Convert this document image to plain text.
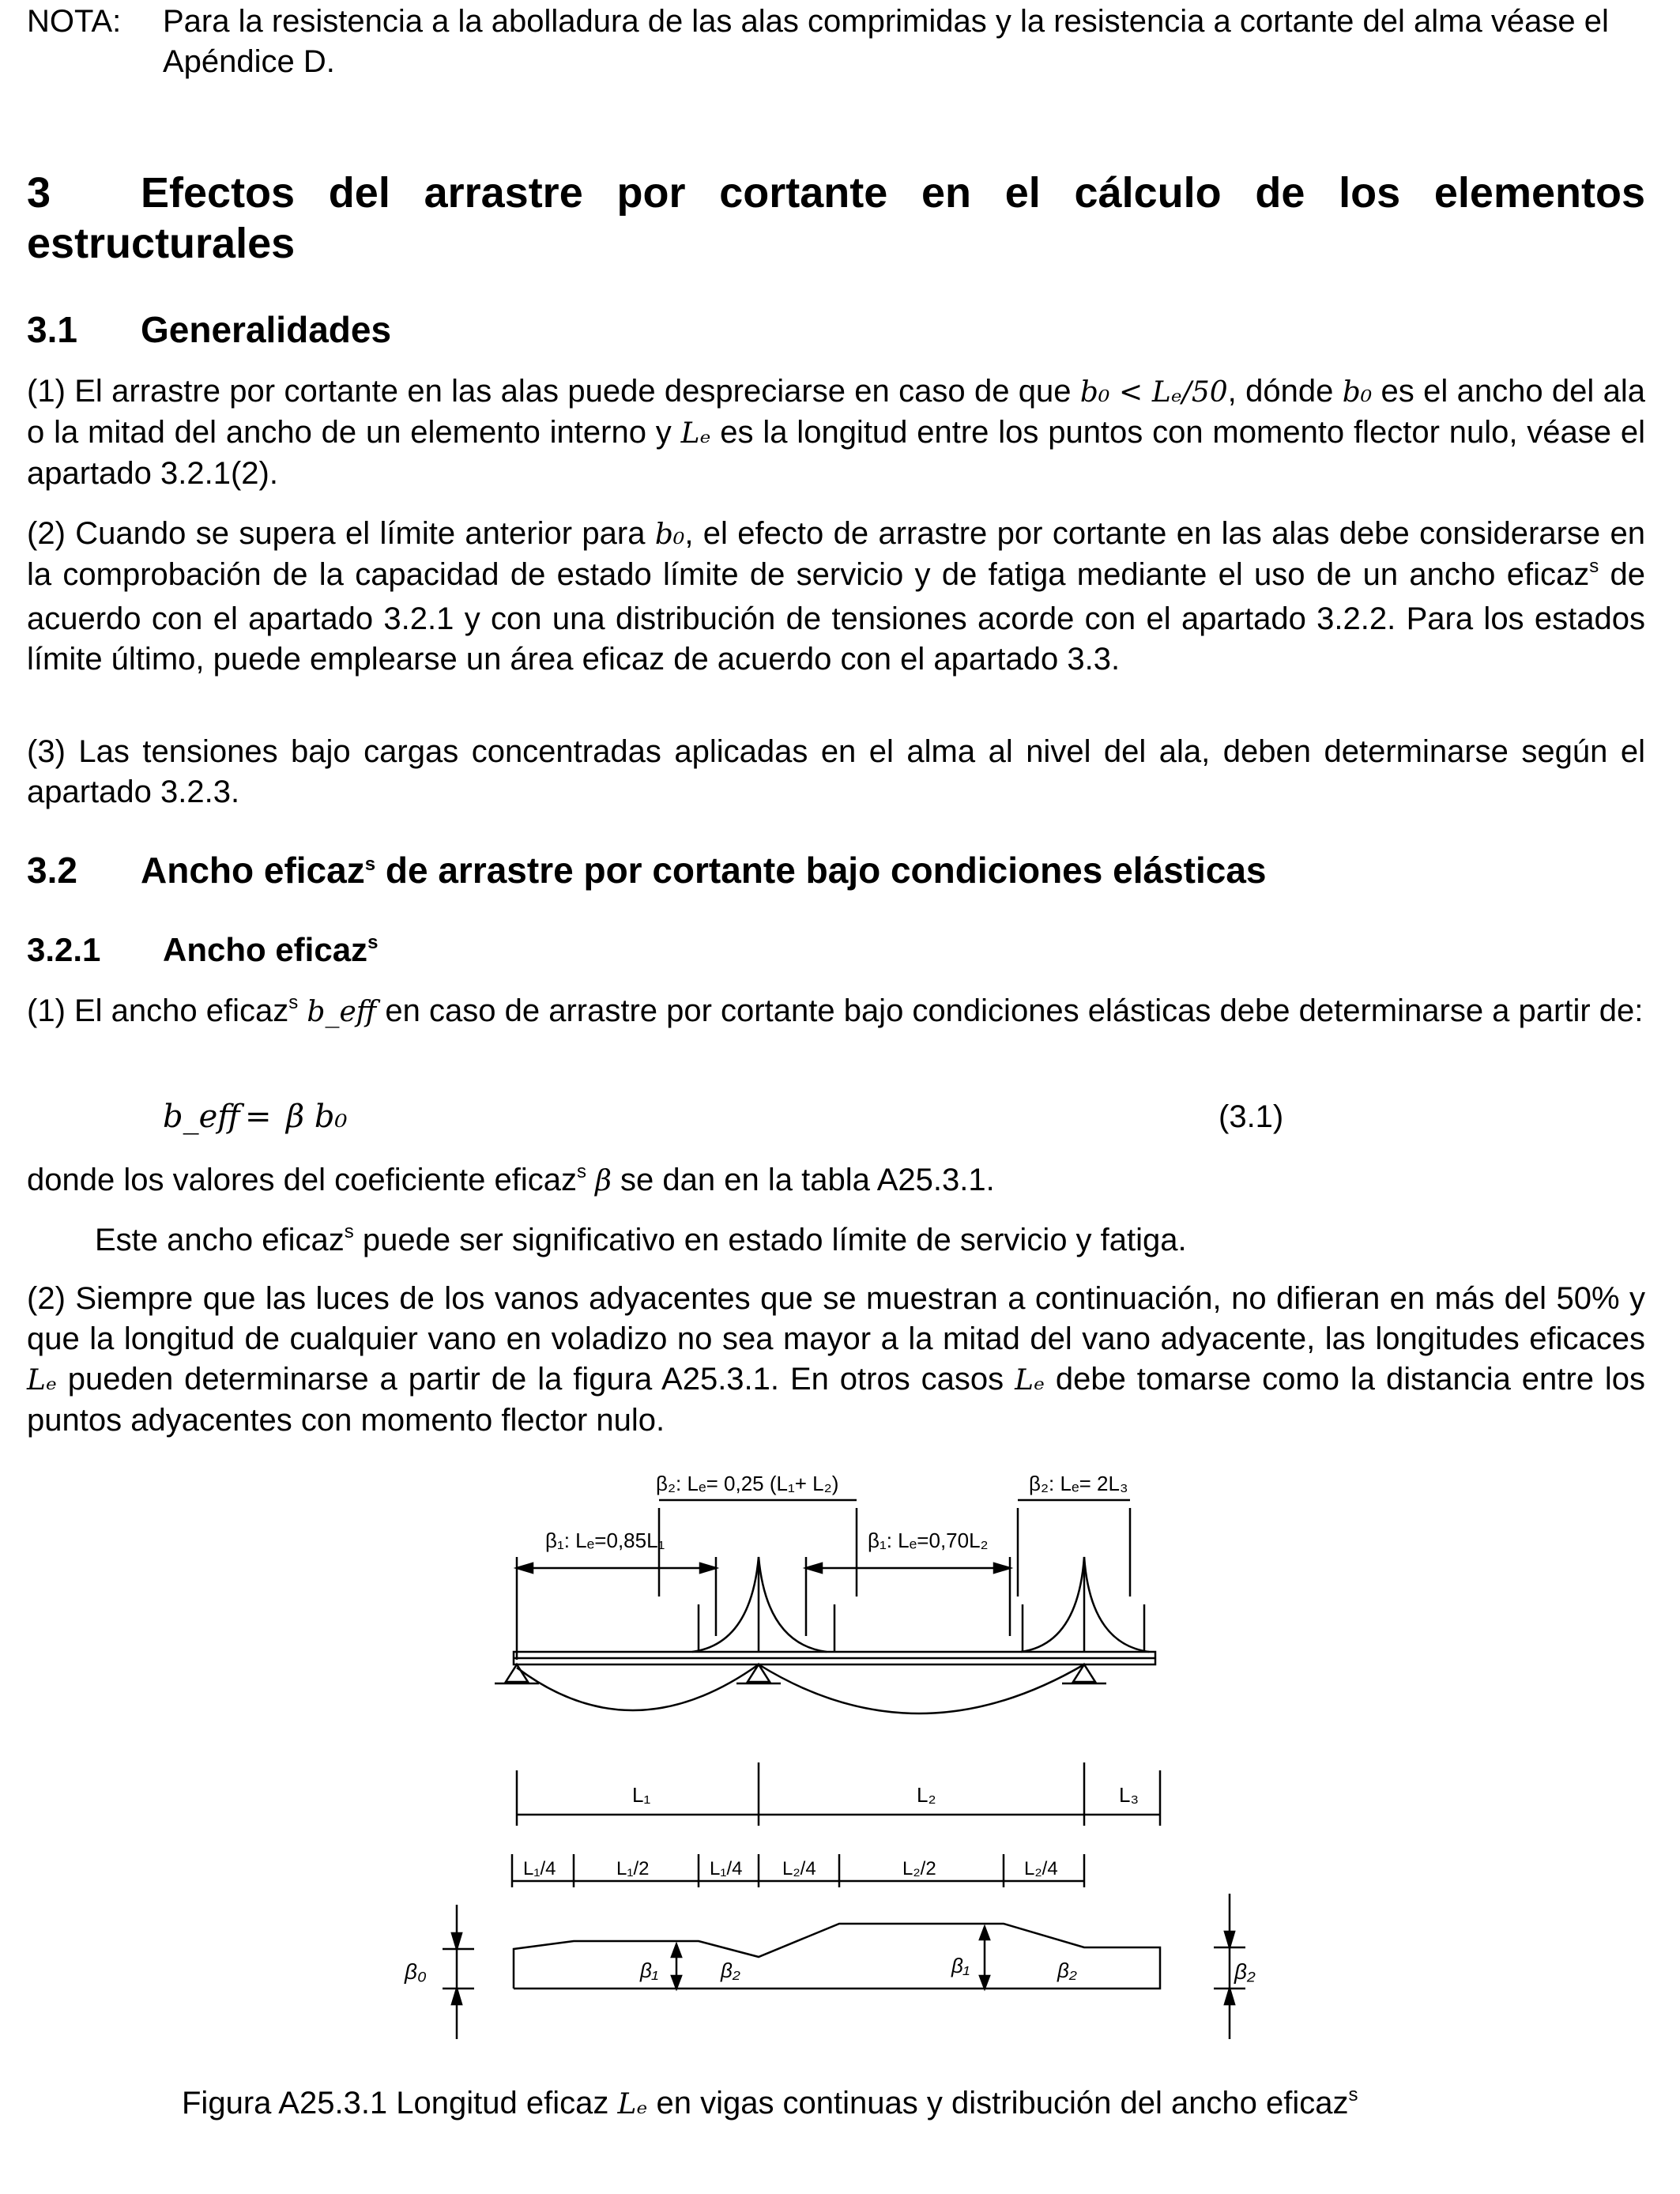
NOTA: Para la resistencia a la abolladura de las alas comprimidas y la resistencia a cortante del alma véase el Apéndice D.
3	Efectos del arrastre por cortante en el cálculo de los elementos estructurales
3.1 Generalidades
(1) El arrastre por cortante en las alas puede despreciarse en caso de que b₀ < Lₑ/50, dónde b₀ es el ancho del ala o la mitad del ancho de un elemento interno y Lₑ es la longitud entre los puntos con momento flector nulo, véase el apartado 3.2.1(2).
(2) Cuando se supera el límite anterior para b₀, el efecto de arrastre por cortante en las alas debe considerarse en la comprobación de la capacidad de estado límite de servicio y de fatiga mediante el uso de un ancho eficaz$^s$ de acuerdo con el apartado 3.2.1 y con una distribución de tensiones acorde con el apartado 3.2.2. Para los estados límite último, puede emplearse un área eficaz de acuerdo con el apartado 3.3.
(3) Las tensiones bajo cargas concentradas aplicadas en el alma al nivel del ala, deben determinarse según el apartado 3.2.3.
3.2 Ancho eficaz$^s$ de arrastre por cortante bajo condiciones elásticas
3.2.1 Ancho eficaz$^s$
(1) El ancho eficaz$^s$ b_eff en caso de arrastre por cortante bajo condiciones elásticas debe determinarse a partir de:
b_eff = β b₀	(3.1)
donde los valores del coeficiente eficaz$^s$ β se dan en la tabla A25.3.1.
Este ancho eficaz$^s$ puede ser significativo en estado límite de servicio y fatiga.
(2) Siempre que las luces de los vanos adyacentes que se muestran a continuación, no difieran en más del 50% y que la longitud de cualquier vano en voladizo no sea mayor a la mitad del vano adyacente, las longitudes eficaces Lₑ pueden determinarse a partir de la figura A25.3.1. En otros casos Lₑ debe tomarse como la distancia entre los puntos adyacentes con momento flector nulo.
β₂: Lₑ= 0,25 (L₁+ L₂)	β₂: Lₑ= 2L₃
β₁: Lₑ=0,85L₁	β₁: Lₑ=0,70L₂
L₁	L₂	L₃
L₁/4	L₁/2	L₁/4 L₂/4	L₂/2	L₂/4
β₀	β₁	β₂	β₁	β₂	β₂
Figura A25.3.1 Longitud eficaz Lₑ en vigas continuas y distribución del ancho eficaz$^s$
